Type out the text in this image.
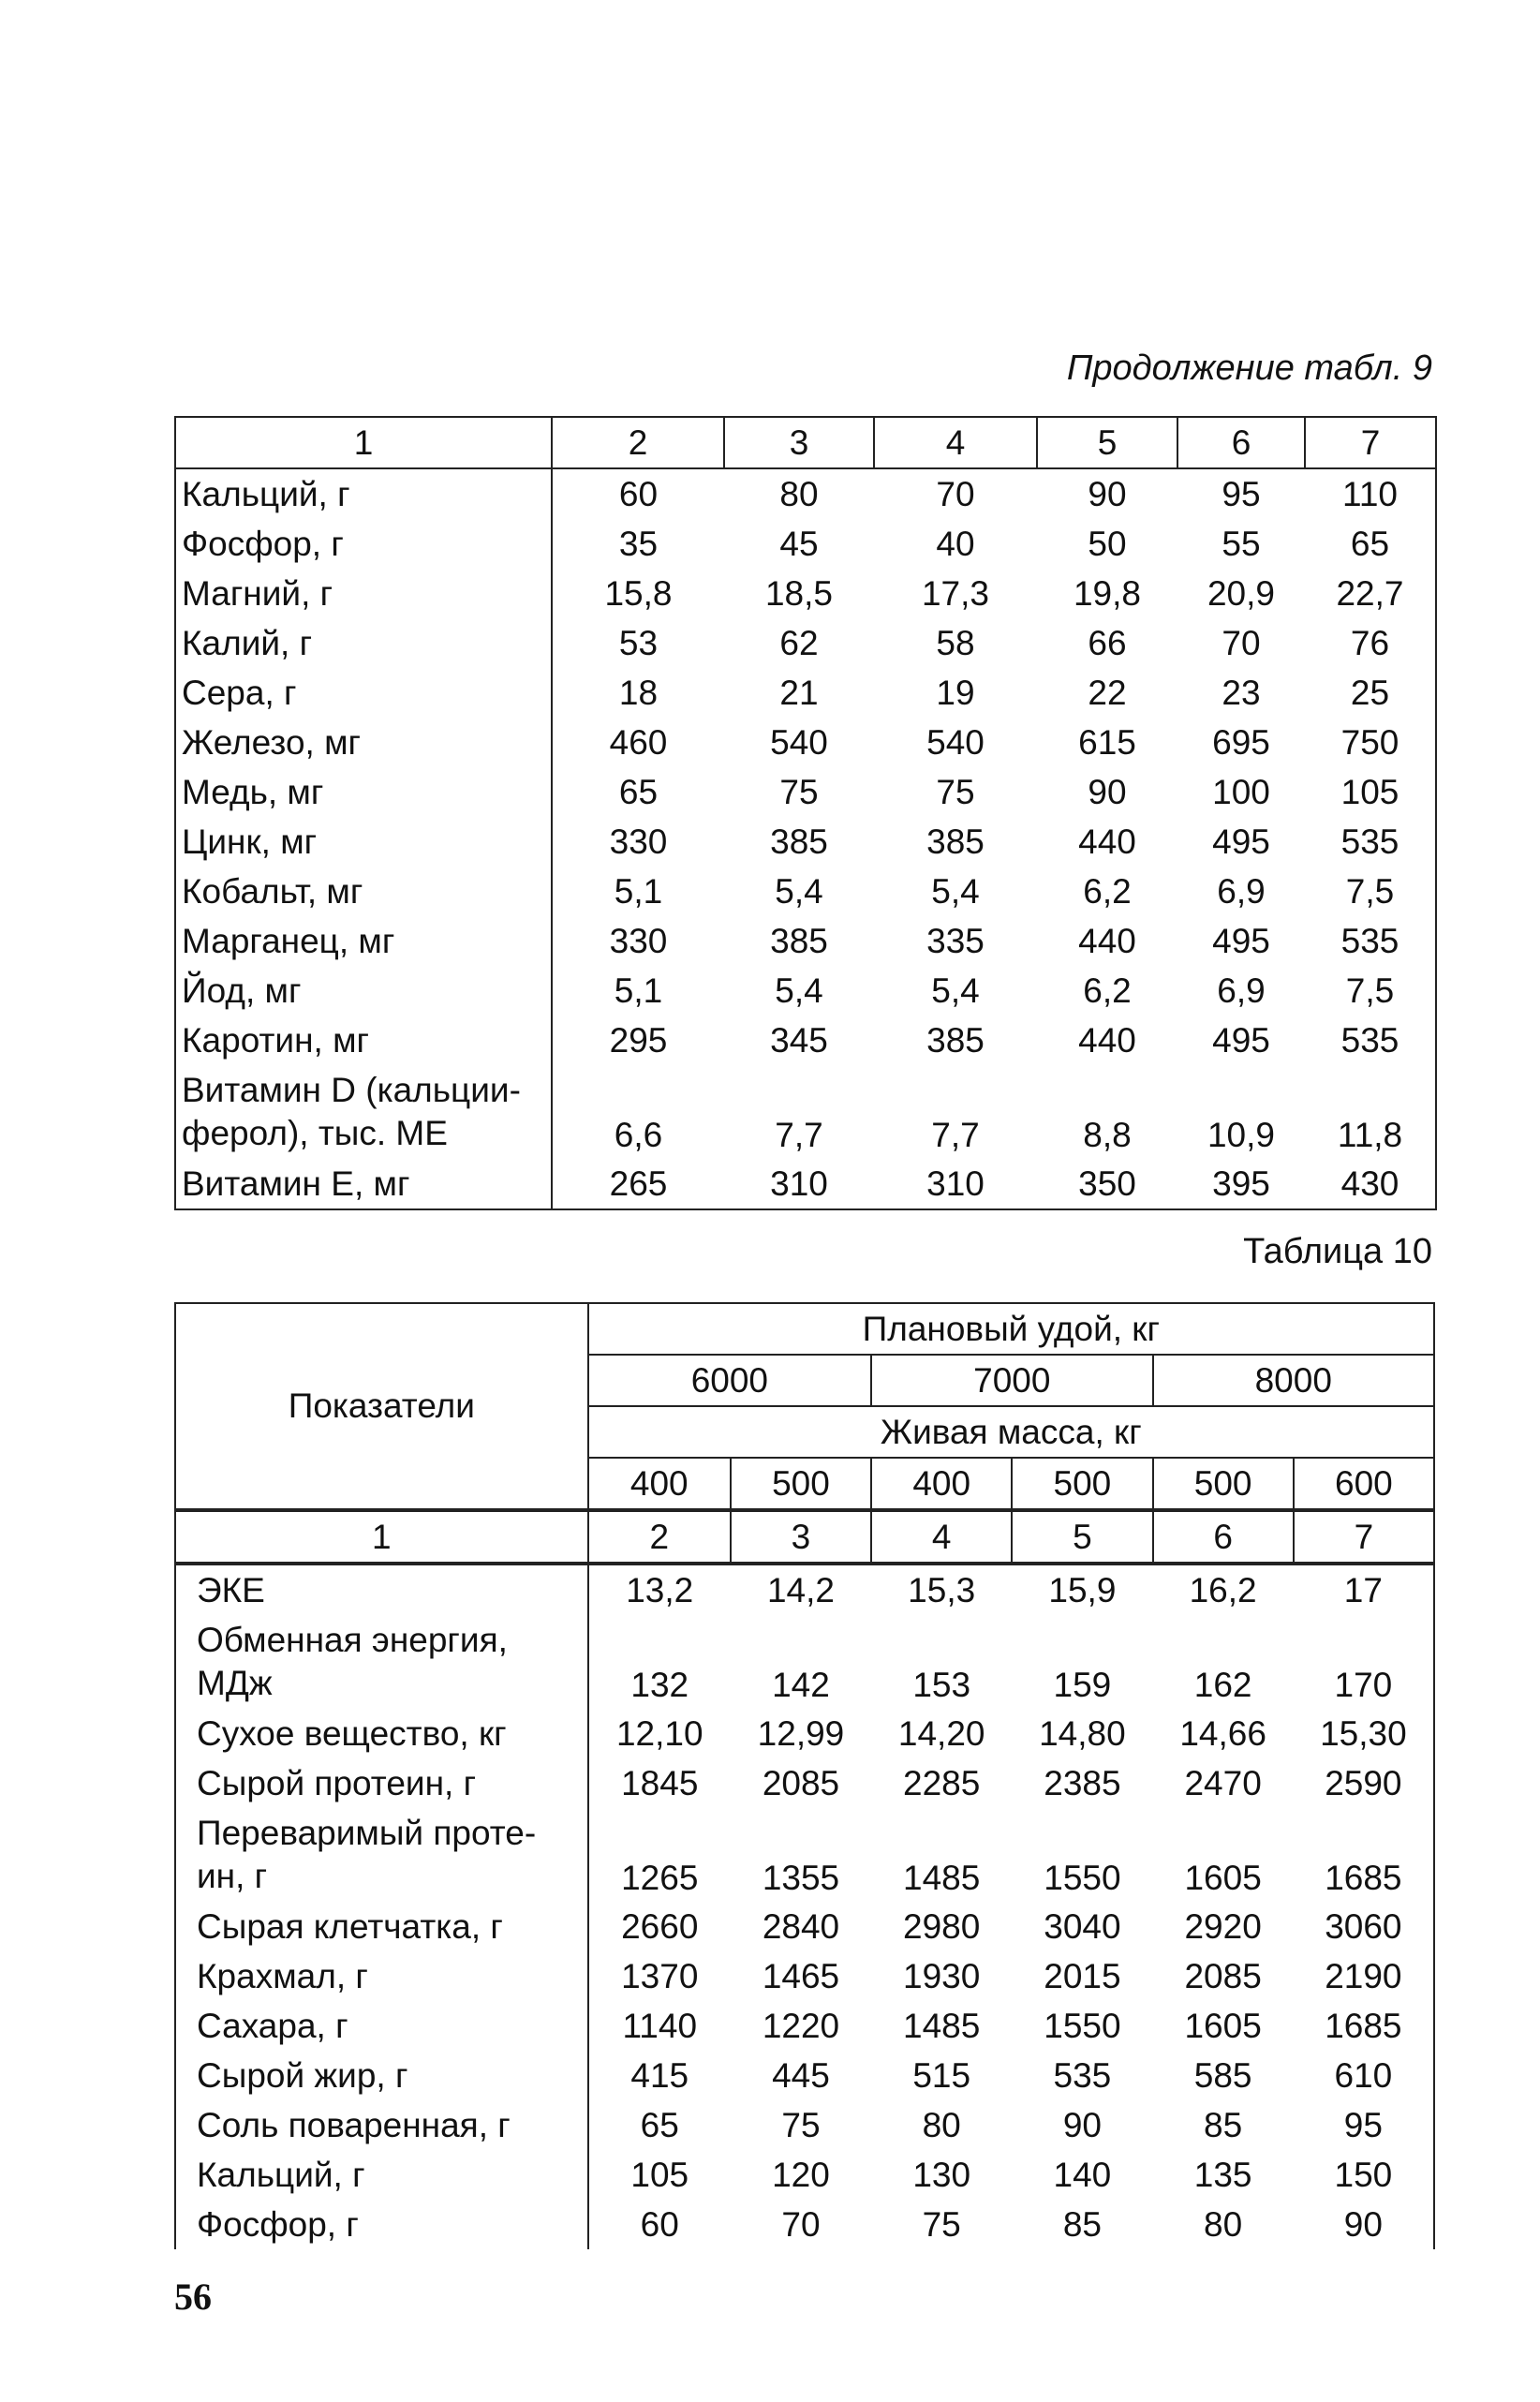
Продолжение табл. 9
1	2	3	4	5	6	7
Кальций, г	60	80	70	90	95	110
Фосфор, г	35	45	40	50	55	65
Магний, г	15,8	18,5	17,3	19,8	20,9	22,7
Калий, г	53	62	58	66	70	76
Сера, г	18	21	19	22	23	25
Железо, мг	460	540	540	615	695	750
Медь, мг	65	75	75	90	100	105
Цинк, мг	330	385	385	440	495	535
Кобальт, мг	5,1	5,4	5,4	6,2	6,9	7,5
Марганец, мг	330	385	335	440	495	535
Йод, мг	5,1	5,4	5,4	6,2	6,9	7,5
Каротин, мг	295	345	385	440	495	535
Витамин D (кальции- ферол), тыс. МЕ	6,6	7,7	7,7	8,8	10,9	11,8
Витамин Е, мг	265	310	310	350	395	430
Таблица 10
Показатели	Плановый удой, кг					
	6000		7000		8000	
	Живая масса, кг					
	400	500	400	500	500	600
1	2	3	4	5	6	7
ЭКЕ	13,2	14,2	15,3	15,9	16,2	17
Обменная энергия, МДж	132	142	153	159	162	170
Сухое вещество, кг	12,10	12,99	14,20	14,80	14,66	15,30
Сырой протеин, г	1845	2085	2285	2385	2470	2590
Переваримый проте- ин, г	1265	1355	1485	1550	1605	1685
Сырая клетчатка, г	2660	2840	2980	3040	2920	3060
Крахмал, г	1370	1465	1930	2015	2085	2190
Сахара, г	1140	1220	1485	1550	1605	1685
Сырой жир, г	415	445	515	535	585	610
Соль поваренная, г	65	75	80	90	85	95
Кальций, г	105	120	130	140	135	150
Фосфор, г	60	70	75	85	80	90
56
